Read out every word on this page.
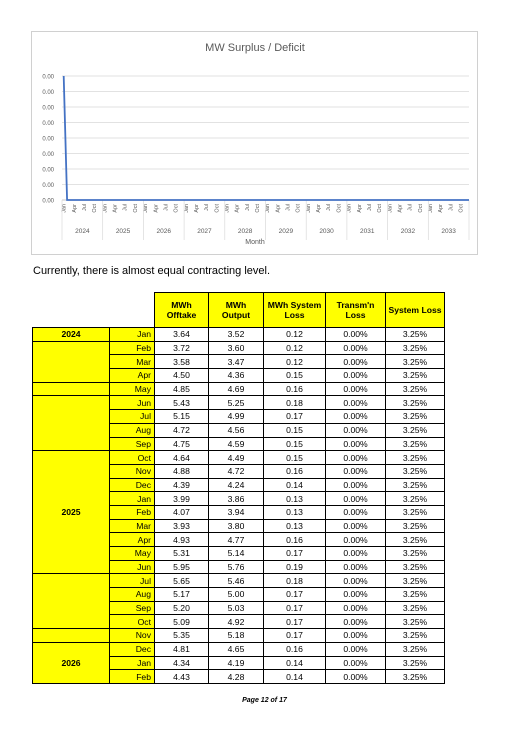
MW Surplus / Deficit
0.00
0.00
0.00
0.00
0.00
0.00
0.00
0.00
0.00
Jan Apr Jul Oct
2024
Jan Apr Jul Oct
2025
Jan Apr Jul Oct
2026
Jan Apr Jul Oct
2027
Jan Apr Jul Oct
2028
Jan Apr Jul Oct
2029
Jan Apr Jul Oct
2030
Jan Apr Jul Oct
2031
Jan Apr Jul Oct
2032
Jan Apr Jul Oct
2033
Month

Currently, there is almost equal contracting level.

		MWh Offtake	MWh Output	MWh System Loss	Transm'n Loss	System Loss
2024	Jan	3.64	3.52	0.12	0.00%	3.25%
	Feb	3.72	3.60	0.12	0.00%	3.25%
	Mar	3.58	3.47	0.12	0.00%	3.25%
	Apr	4.50	4.36	0.15	0.00%	3.25%
	May	4.85	4.69	0.16	0.00%	3.25%
	Jun	5.43	5.25	0.18	0.00%	3.25%
	Jul	5.15	4.99	0.17	0.00%	3.25%
	Aug	4.72	4.56	0.15	0.00%	3.25%
	Sep	4.75	4.59	0.15	0.00%	3.25%
2025	Oct	4.64	4.49	0.15	0.00%	3.25%
	Nov	4.88	4.72	0.16	0.00%	3.25%
	Dec	4.39	4.24	0.14	0.00%	3.25%
	Jan	3.99	3.86	0.13	0.00%	3.25%
	Feb	4.07	3.94	0.13	0.00%	3.25%
	Mar	3.93	3.80	0.13	0.00%	3.25%
	Apr	4.93	4.77	0.16	0.00%	3.25%
	May	5.31	5.14	0.17	0.00%	3.25%
	Jun	5.95	5.76	0.19	0.00%	3.25%
	Jul	5.65	5.46	0.18	0.00%	3.25%
	Aug	5.17	5.00	0.17	0.00%	3.25%
	Sep	5.20	5.03	0.17	0.00%	3.25%
	Oct	5.09	4.92	0.17	0.00%	3.25%
	Nov	5.35	5.18	0.17	0.00%	3.25%
2026	Dec	4.81	4.65	0.16	0.00%	3.25%
	Jan	4.34	4.19	0.14	0.00%	3.25%
	Feb	4.43	4.28	0.14	0.00%	3.25%
Page 12 of 17
